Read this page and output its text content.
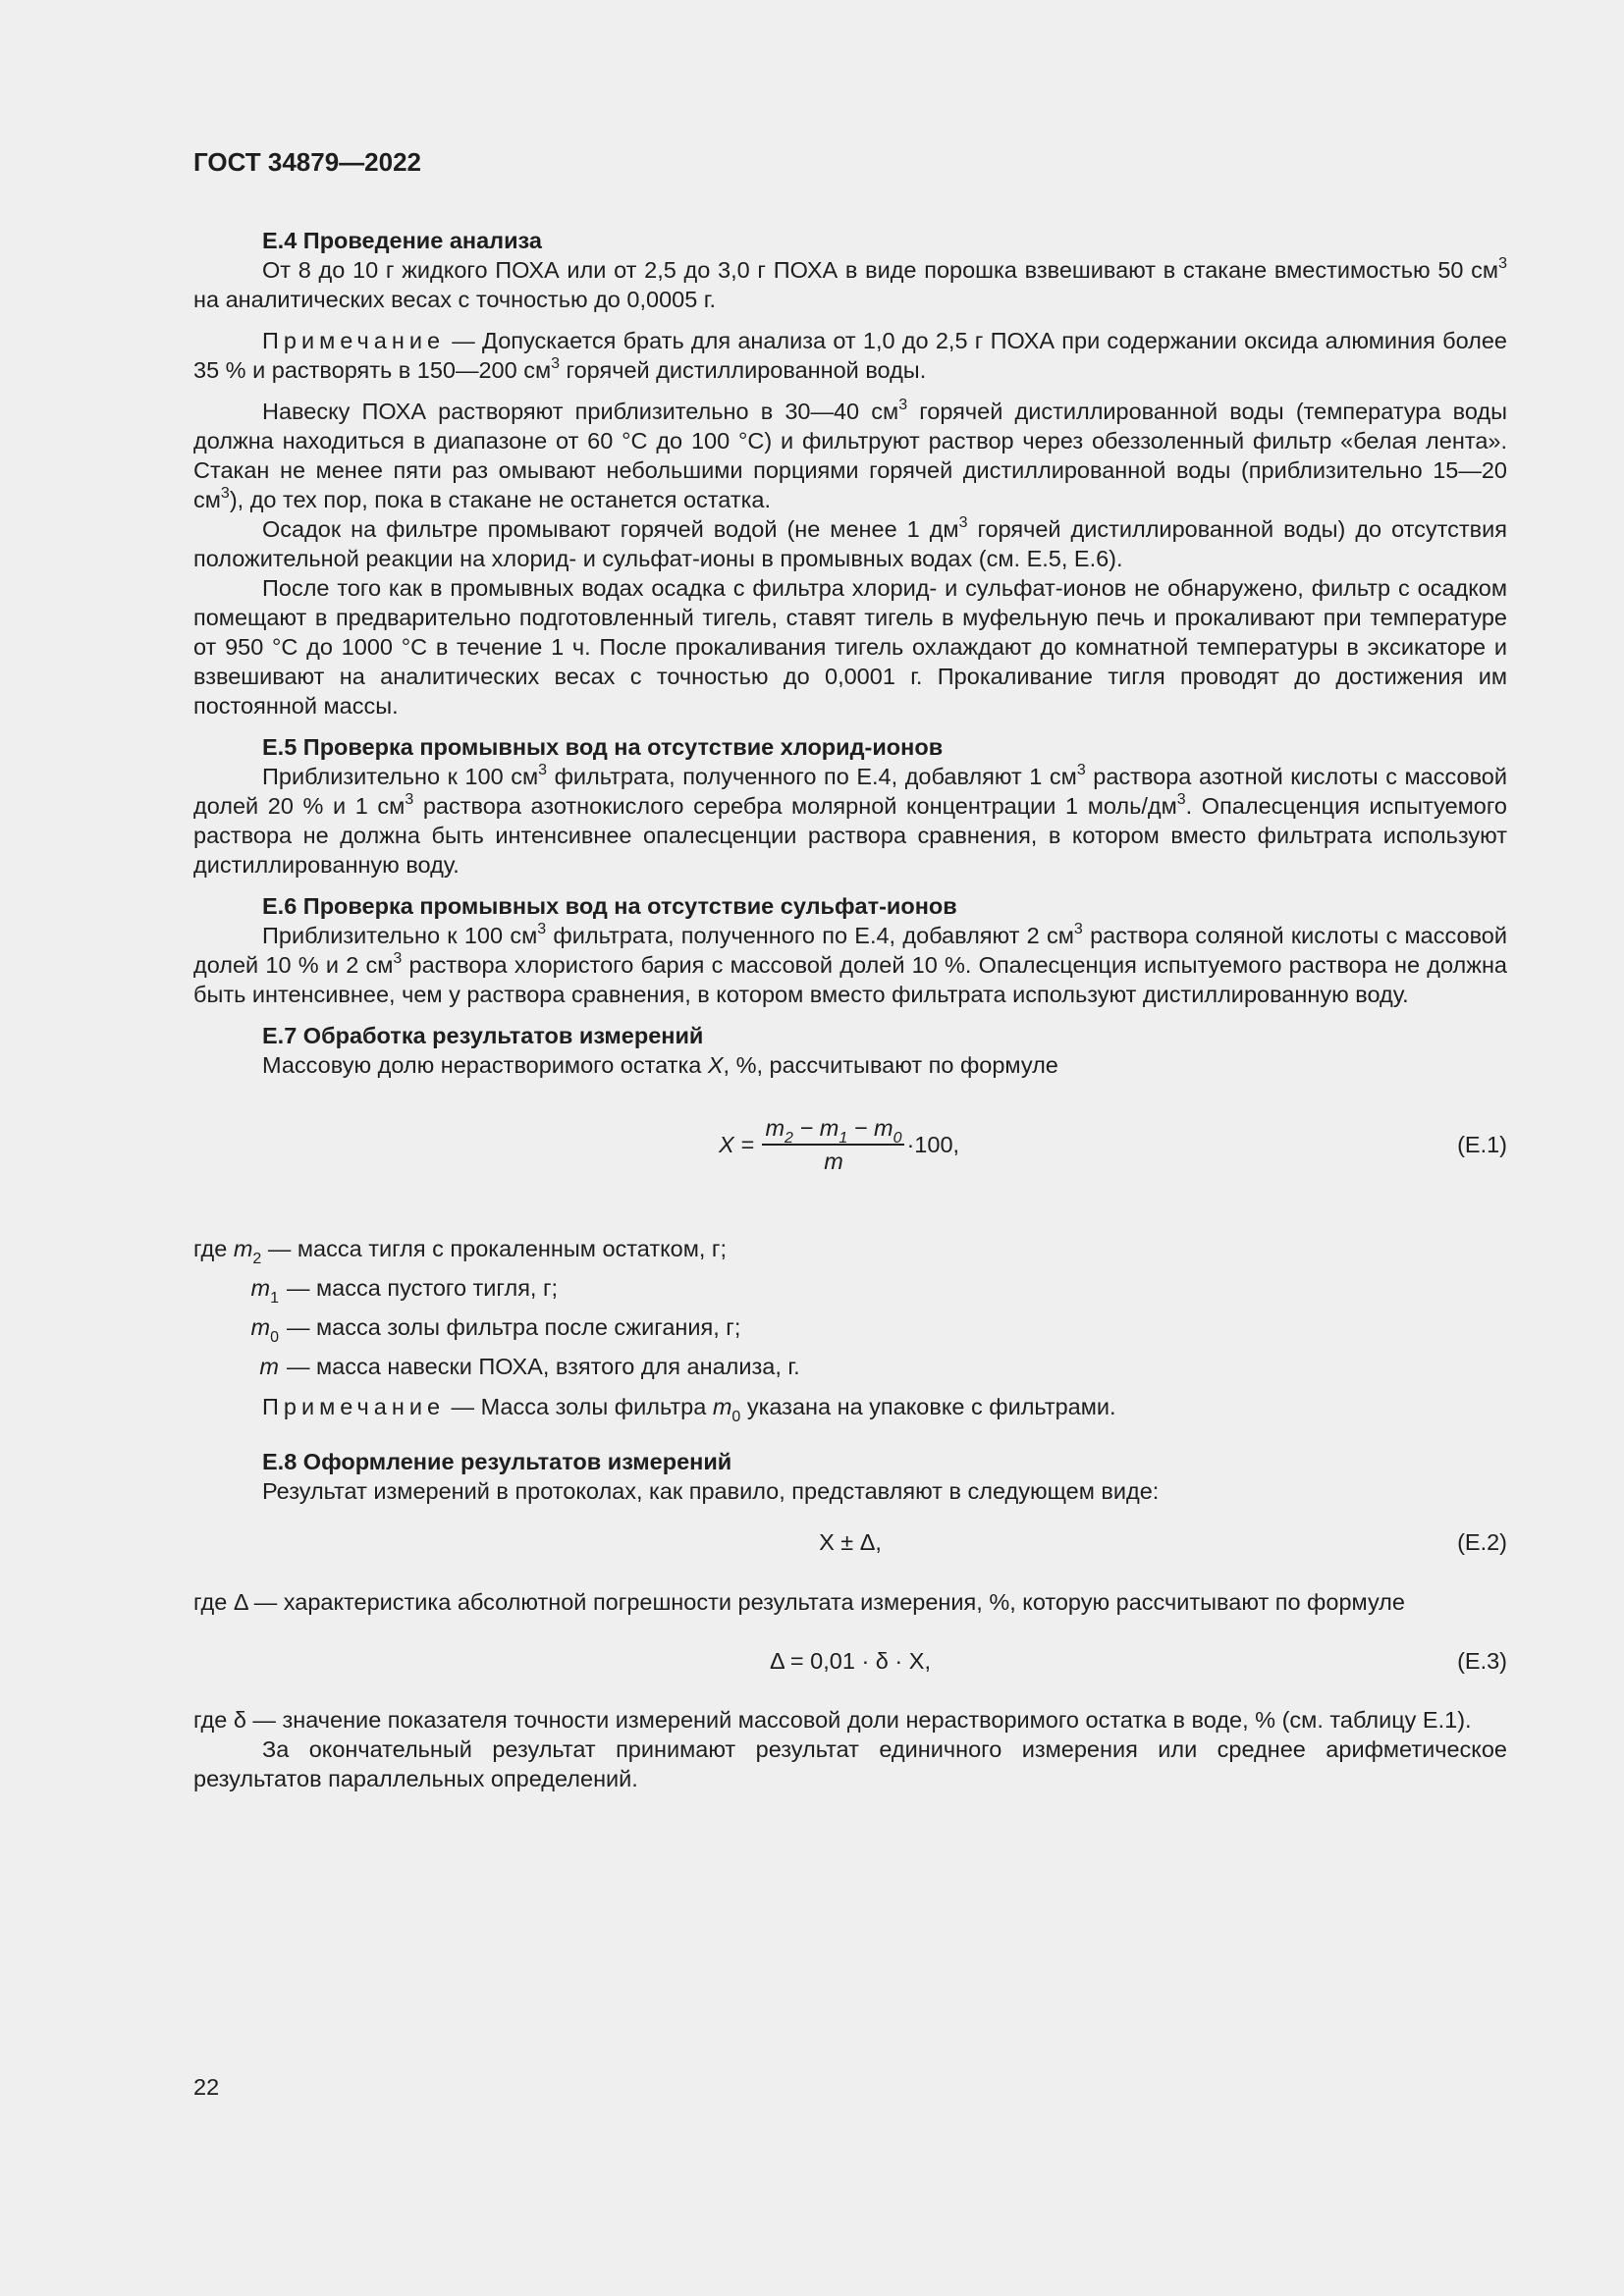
ГОСТ 34879—2022
Е.4 Проведение анализа

От 8 до 10 г жидкого ПОХА или от 2,5 до 3,0 г ПОХА в виде порошка взвешивают в стакане вместимостью 50 $см^3$ на аналитических весах с точностью до 0,0005 г.

Примечание — Допускается брать для анализа от 1,0 до 2,5 г ПОХА при содержании оксида алюминия более 35 % и растворять в 150—200 $см^3$ горячей дистиллированной воды.

Навеску ПОХА растворяют приблизительно в 30—40 $см^3$ горячей дистиллированной воды (температура воды должна находиться в диапазоне от 60 °С до 100 °С) и фильтруют раствор через обеззоленный фильтр «белая лента». Стакан не менее пяти раз омывают небольшими порциями горячей дистиллированной воды (приблизительно 15—20 $см^3$), до тех пор, пока в стакане не останется остатка.

Осадок на фильтре промывают горячей водой (не менее 1 $дм^3$ горячей дистиллированной воды) до отсутствия положительной реакции на хлорид- и сульфат-ионы в промывных водах (см. Е.5, Е.6).

После того как в промывных водах осадка с фильтра хлорид- и сульфат-ионов не обнаружено, фильтр с осадком помещают в предварительно подготовленный тигель, ставят тигель в муфельную печь и прокаливают при температуре от 950 °С до 1000 °С в течение 1 ч. После прокаливания тигель охлаждают до комнатной температуры в эксикаторе и взвешивают на аналитических весах с точностью до 0,0001 г. Прокаливание тигля проводят до достижения им постоянной массы.

Е.5 Проверка промывных вод на отсутствие хлорид-ионов

Приблизительно к 100 $см^3$ фильтрата, полученного по Е.4, добавляют 1 $см^3$ раствора азотной кислоты с массовой долей 20 % и 1 $см^3$ раствора азотнокислого серебра молярной концентрации 1 моль/$дм^3$. Опалесценция испытуемого раствора не должна быть интенсивнее опалесценции раствора сравнения, в котором вместо фильтрата используют дистиллированную воду.

Е.6 Проверка промывных вод на отсутствие сульфат-ионов

Приблизительно к 100 $см^3$ фильтрата, полученного по Е.4, добавляют 2 $см^3$ раствора соляной кислоты с массовой долей 10 % и 2 $см^3$ раствора хлористого бария с массовой долей 10 %. Опалесценция испытуемого раствора не должна быть интенсивнее, чем у раствора сравнения, в котором вместо фильтрата используют дистиллированную воду.

Е.7 Обработка результатов измерений

Массовую долю нерастворимого остатка X, %, рассчитывают по формуле

$X = \frac{m_2 - m_1 - m_0}{m} \cdot 100$,	(Е.1)
где $m_2$ — масса тигля с прокаленным остатком, г;
$m_1$ — масса пустого тигля, г;
$m_0$ — масса золы фильтра после сжигания, г;
m — масса навески ПОХА, взятого для анализа, г.

Примечание — Масса золы фильтра $m_0$ указана на упаковке с фильтрами.

Е.8 Оформление результатов измерений

Результат измерений в протоколах, как правило, представляют в следующем виде:

X ± Δ,	(Е.2)

где Δ — характеристика абсолютной погрешности результата измерения, %, которую рассчитывают по формуле

Δ = 0,01 · δ · X,	(Е.3)

где δ — значение показателя точности измерений массовой доли нерастворимого остатка в воде, % (см. таблицу Е.1).

За окончательный результат принимают результат единичного измерения или среднее арифметическое результатов параллельных определений.

22
